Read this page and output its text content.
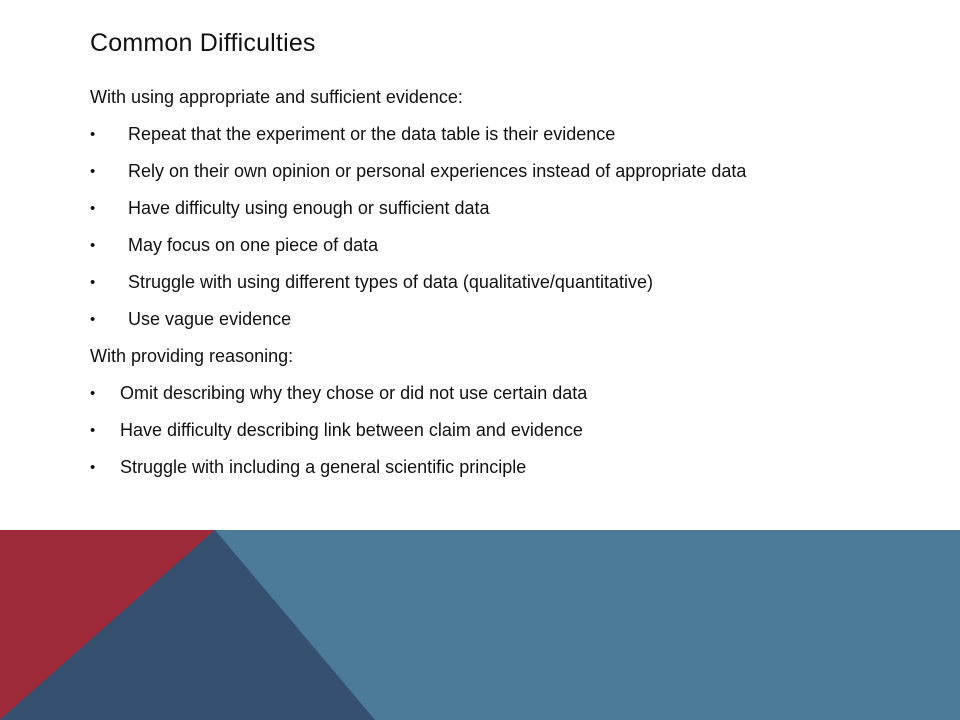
Common Difficulties

With using appropriate and sufficient evidence:

•	Repeat that the experiment or the data table is their evidence
•	Rely on their own opinion or personal experiences instead of appropriate data
•	Have difficulty using enough or sufficient data
•	May focus on one piece of data
•	Struggle with using different types of data (qualitative/quantitative)
•	Use vague evidence

With providing reasoning:

•	Omit describing why they chose or did not use certain data
•	Have difficulty describing link between claim and evidence
•	Struggle with including a general scientific principle
